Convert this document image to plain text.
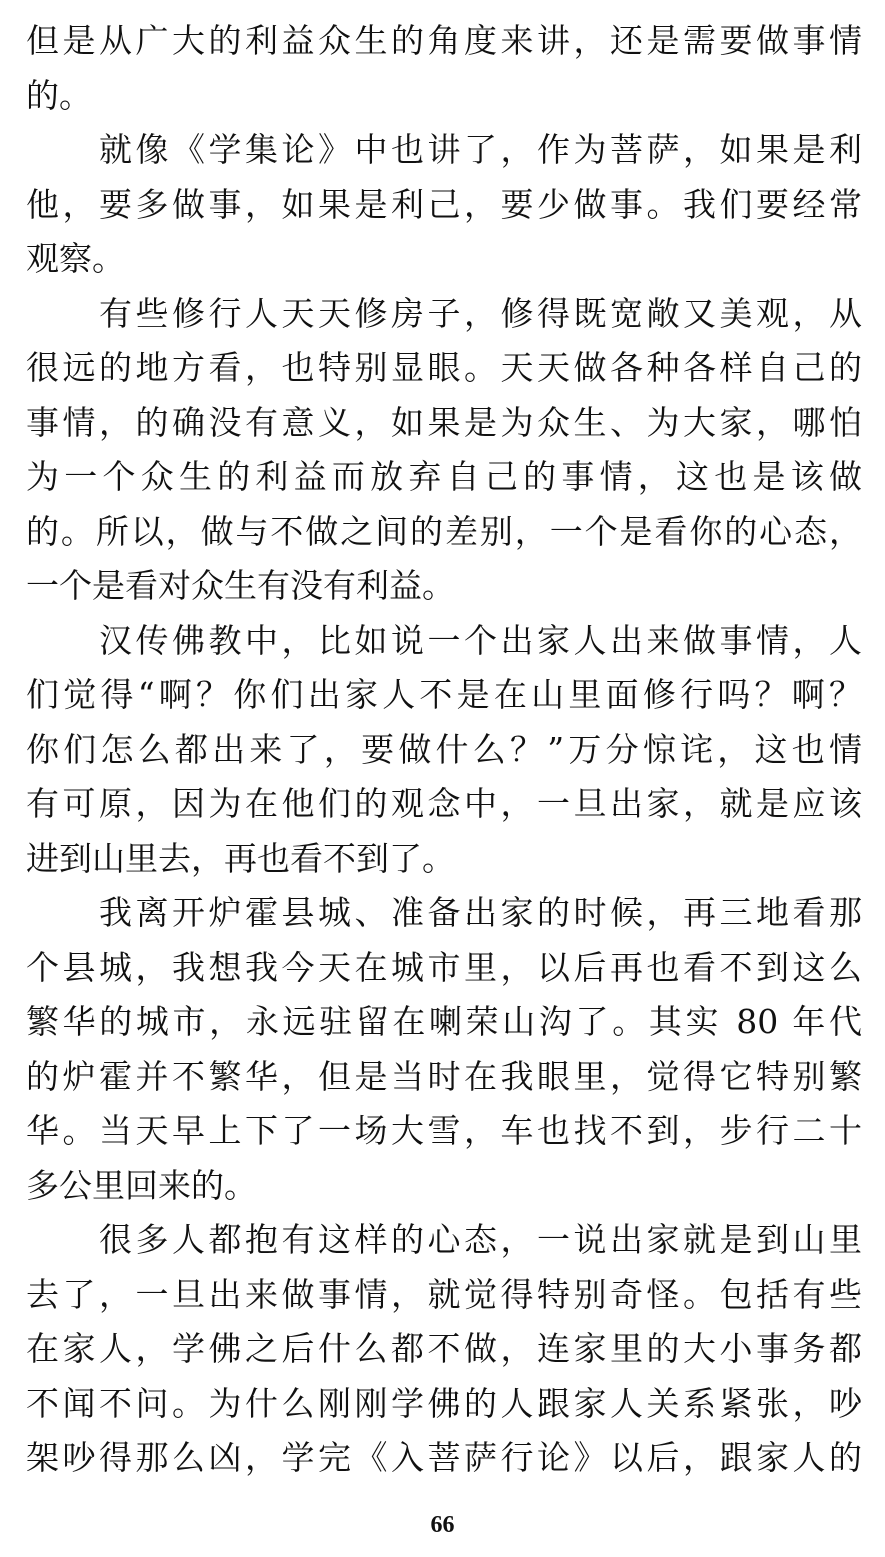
但是从广大的利益众生的角度来讲，还是需要做事情
的。
就像《学集论》中也讲了，作为菩萨，如果是利
他，要多做事，如果是利己，要少做事。我们要经常
观察。
有些修行人天天修房子，修得既宽敞又美观，从
很远的地方看，也特别显眼。天天做各种各样自己的
事情，的确没有意义，如果是为众生、为大家，哪怕
为一个众生的利益而放弃自己的事情，这也是该做
的。所以，做与不做之间的差别，一个是看你的心态，
一个是看对众生有没有利益。
汉传佛教中，比如说一个出家人出来做事情，人
们觉得“啊？你们出家人不是在山里面修行吗？啊？
你们怎么都出来了，要做什么？”万分惊诧，这也情
有可原，因为在他们的观念中，一旦出家，就是应该
进到山里去，再也看不到了。
我离开炉霍县城、准备出家的时候，再三地看那
个县城，我想我今天在城市里，以后再也看不到这么
繁华的城市，永远驻留在喇荣山沟了。其实 80 年代
的炉霍并不繁华，但是当时在我眼里，觉得它特别繁
华。当天早上下了一场大雪，车也找不到，步行二十
多公里回来的。
很多人都抱有这样的心态，一说出家就是到山里
去了，一旦出来做事情，就觉得特别奇怪。包括有些
在家人，学佛之后什么都不做，连家里的大小事务都
不闻不问。为什么刚刚学佛的人跟家人关系紧张，吵
架吵得那么凶，学完《入菩萨行论》以后，跟家人的
66
